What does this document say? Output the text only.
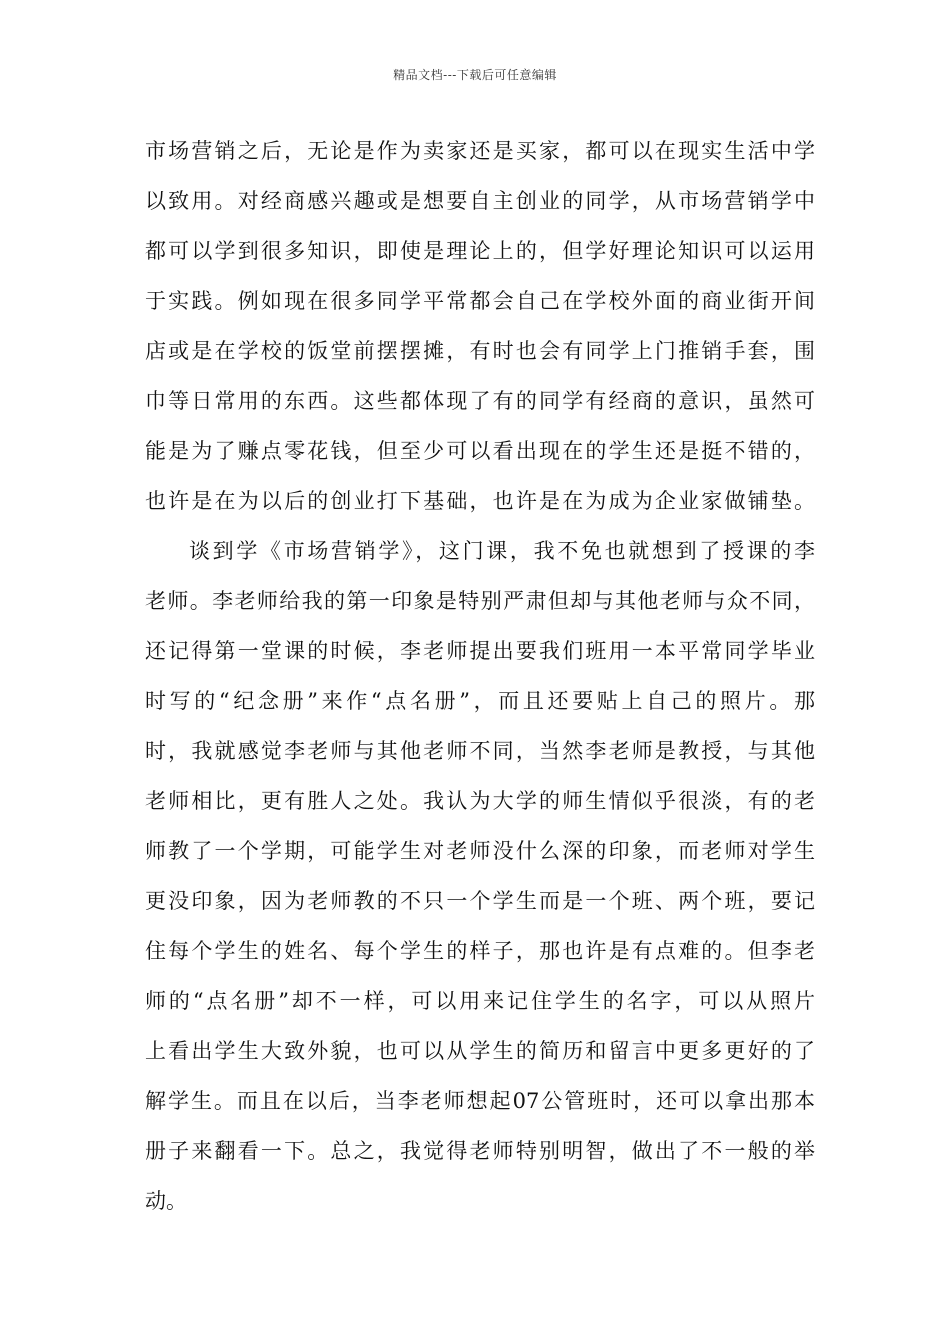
精品文档---下载后可任意编辑
市场营销之后，无论是作为卖家还是买家，都可以在现实生活中学
以致用。对经商感兴趣或是想要自主创业的同学，从市场营销学中
都可以学到很多知识，即使是理论上的，但学好理论知识可以运用
于实践。例如现在很多同学平常都会自己在学校外面的商业街开间
店或是在学校的饭堂前摆摆摊，有时也会有同学上门推销手套，围
巾等日常用的东西。这些都体现了有的同学有经商的意识，虽然可
能是为了赚点零花钱，但至少可以看出现在的学生还是挺不错的，
也许是在为以后的创业打下基础，也许是在为成为企业家做铺垫。
谈到学《市场营销学》，这门课，我不免也就想到了授课的李
老师。李老师给我的第一印象是特别严肃但却与其他老师与众不同，
还记得第一堂课的时候，李老师提出要我们班用一本平常同学毕业
时写的“纪念册”来作“点名册”，而且还要贴上自己的照片。那
时，我就感觉李老师与其他老师不同，当然李老师是教授，与其他
老师相比，更有胜人之处。我认为大学的师生情似乎很淡，有的老
师教了一个学期，可能学生对老师没什么深的印象，而老师对学生
更没印象，因为老师教的不只一个学生而是一个班、两个班，要记
住每个学生的姓名、每个学生的样子，那也许是有点难的。但李老
师的“点名册”却不一样，可以用来记住学生的名字，可以从照片
上看出学生大致外貌，也可以从学生的简历和留言中更多更好的了
解学生。而且在以后，当李老师想起07公管班时，还可以拿出那本
册子来翻看一下。总之，我觉得老师特别明智，做出了不一般的举
动。
